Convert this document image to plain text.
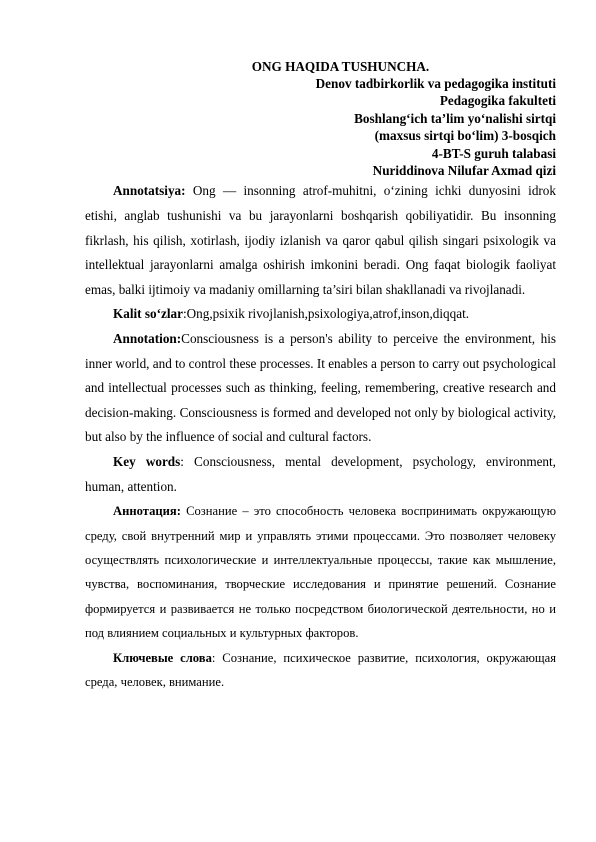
ONG HAQIDA TUSHUNCHA.

Denov tadbirkorlik va pedagogika instituti
Pedagogika fakulteti
Boshlang‘ich ta’lim yo‘nalishi sirtqi
(maxsus sirtqi bo‘lim) 3-bosqich
4-BT-S guruh talabasi
Nuriddinova Nilufar Axmad qizi

Annotatsiya: Ong — insonning atrof-muhitni, o‘zining ichki dunyosini idrok etishi, anglab tushunishi va bu jarayonlarni boshqarish qobiliyatidir. Bu insonning fikrlash, his qilish, xotirlash, ijodiy izlanish va qaror qabul qilish singari psixologik va intellektual jarayonlarni amalga oshirish imkonini beradi. Ong faqat biologik faoliyat emas, balki ijtimoiy va madaniy omillarning ta’siri bilan shakllanadi va rivojlanadi.

Kalit so‘zlar:Ong,psixik rivojlanish,psixologiya,atrof,inson,diqqat.

Annotation:Consciousness is a person's ability to perceive the environment, his inner world, and to control these processes. It enables a person to carry out psychological and intellectual processes such as thinking, feeling, remembering, creative research and decision-making. Consciousness is formed and developed not only by biological activity, but also by the influence of social and cultural factors.

Key words: Consciousness, mental development, psychology, environment, human, attention.

Аннотация: Сознание – это способность человека воспринимать окружающую среду, свой внутренний мир и управлять этими процессами. Это позволяет человеку осуществлять психологические и интеллектуальные процессы, такие как мышление, чувства, воспоминания, творческие исследования и принятие решений. Сознание формируется и развивается не только посредством биологической деятельности, но и под влиянием социальных и культурных факторов.

Ключевые слова: Сознание, психическое развитие, психология, окружающая среда, человек, внимание.
